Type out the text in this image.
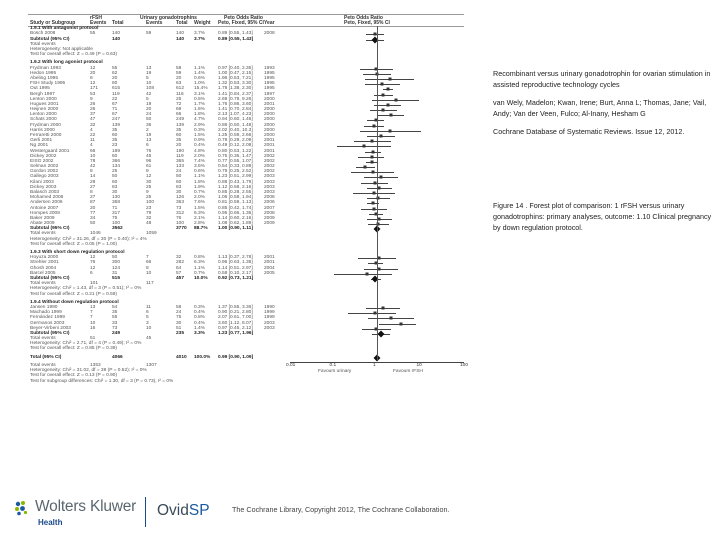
rFSH	Urinary gonadotrophins	Peto Odds Ratio	Peto Odds Ratio
Study or Subgroup	Events Total	Events	Total Weight Peto, Fixed, 95% CI Year	Peto, Fixed, 95% CI
1.9.1 With antagonist protocol
Bosch 2008	55	140	59	140 3.7%	0.89 [0.55, 1.43] 2008
Subtotal (95% CI)	140	140 3.7%	0.89 [0.55, 1.43]
Total events
Heterogeneity: Not applicable
Test for overall effect: Z = 0.49 (P = 0.63)
1.9.2 With long agonist protocol
Frydman 1993	12	55	13	58	1.1%	0.97 [0.40, 2.35] 1993
Hedon 1995	20	62	19	59	1.4%	1.00 [0.47, 2.15] 1995
Abeling 1995	8	20	5	20	0.6%	1.96 [0.53, 7.21] 1995
FSH Study 1995	12	60	10	63	1.0%	1.32 [0.53, 3.30] 1995
Out 1995	171	615	108	612 15.4% 1.78 [1.38, 2.30] 1995
Bergh 1997	53	119	42	116 3.1%	1.41 [0.84, 2.37] 1997
Lenton 2000	9	22	5	25	0.5%	2.69 [0.78, 9.26] 2000
Hugues 2001	26	67	19	72	1.7%	1.76 [0.86, 3.60] 2001
Heijnen 2000	26	71	20	69	1.6%	1.41 [0.70, 2.84] 2000
Lenton 2000	37	67	24	66	1.8%	2.13 [1.07, 4.23] 2000
Schats 2000	47	247	50	249 4.7%	0.94 [0.60, 1.46] 2000
Frydman 2000	32	139	36	139 2.9%	0.86 [0.50, 1.48] 2000
Harris 2000	4	35	2	35	0.3%	2.02 [0.40, 10.3] 2000
Ferraretti 2000	22	60	19	60	1.5%	1.25 [0.59, 2.66] 2000
Gerli 2001	11	35	13	35	0.9%	0.78 [0.29, 2.09] 2001
Ng 2001	4	23	6	20	0.4%	0.49 [0.12, 2.08] 2001
Westergaard 2001	66	189	76	190 4.8%	0.80 [0.53, 1.22] 2001
Dickey 2002	10	60	45	119 2.0%	0.75 [0.36, 1.47] 2002
EISG 2002	78	366	96	365 7.4%	0.77 [0.55, 1.07] 2002
Selman 2002	42	134	61	133 3.5%	0.54 [0.33, 0.89] 2002
Gordon 2002	8	25	9	24	0.6%	0.79 [0.25, 2.52] 2002
Gallego 2003	14	50	12	50	1.1%	1.23 [0.51, 2.99] 2003
Kilani 2003	28	60	30	60	1.8%	0.88 [0.43, 1.79] 2003
Dickey 2003	27	83	25	83	1.9%	1.12 [0.58, 2.16] 2003
Balasch 2003	8	30	9	30	0.7%	0.85 [0.28, 2.55] 2003
Mohamed 2006	27	130	25	126 2.0%	1.06 [0.58, 1.94] 2006
Andersen 2006	87	368	100	363 7.6%	0.81 [0.59, 1.13] 2006
Antoine 2007	20	71	23	73	1.5%	0.85 [0.42, 1.74] 2007
Hompes 2008	77	317	79	312 6.3%	0.95 [0.66, 1.36] 2008
Baker 2009	34	75	32	76	2.1%	1.14 [0.60, 2.16] 2009
Abate 2009	50	100	48	100 2.8%	1.08 [0.62, 1.89] 2009
Subtotal (95% CI)	3562	3770 88.7% 1.00 [0.90, 1.11]
Total events	1046	1059
Heterogeneity: Chi² = 31.26, df = 30 (P = 0.40); I² = 4%
Test for overall effect: Z = 0.05 (P = 1.00)
1.9.3 With short down regulation protocol
Hoyuza 2000	12	50	7	32	0.8%	1.13 [0.37, 2.78] 2001
Strehler 2001	76	300	66	282 6.3%	0.96 [0.63, 1.38] 2001
Ghosh 2004	12	124	8	64	1.1%	1.14 [0.51, 2.97] 2004
Barcel 2005	6	31	10	57	0.7%	0.58 [0.10, 2.17] 2005
Subtotal (95% CI)	515	457 10.0% 0.92 [0.73, 1.21]
Total events	101	117
Heterogeneity: Chi² = 1.43, df = 3 (P = 0.51); I² = 0%
Test for overall effect: Z = 0.21 (P = 0.59)
1.9.4 Without down regulation protocol
Jansen 1990	13	54	11	58	0.3%	1.37 [0.55, 3.36] 1990
Machado 1999	7	35	6	24	0.4%	0.90 [0.21, 2.80] 1999
Fernández 1999	7	55	5	75	0.8%	2.07 [0.61, 7.00] 1999
Germanos 2003	10	33	3	30	0.4%	3.60 [1.12, 8.07] 2003
Beyer-Virbeni 2003	16	73	10	51	1.4%	0.97 [0.45, 2.12] 2003
Subtotal (95% CI)	249	235 3.3%	1.23 [0.77, 1.96]
Total events	51	45
Heterogeneity: Chi² = 2.71, df = 4 (P = 0.49); I² = 0%
Test for overall effect: Z = 0.85 (P = 0.39)
Total (95% CI)	4066	4010 100.0% 0.99 [0.90, 1.09]
Total events	1353	1307
Heterogeneity: Chi² = 31.02, df = 38 (P = 0.52); I² = 0%
Test for overall effect: Z = 0.13 (P = 0.90)
Test for subgroup differences: Chi² = 1.30, df = 3 (P = 0.73), I² = 0%
0.01	0.1	1	10	100
Favours urinary	Favours rFSH

Recombinant versus urinary gonadotrophin for ovarian stimulation in assisted reproductive technology cycles

van Wely, Madelon; Kwan, Irene; Burt, Anna L; Thomas, Jane; Vail, Andy; Van der Veen, Fulco; Al-Inany, Hesham G

Cochrane Database of Systematic Reviews. Issue 12, 2012.

Figure 14 . Forest plot of comparison: 1 rFSH versus urinary gonadotrophins: primary analyses, outcome: 1.10 Clinical pregnancy by down regulation protocol.
Wolters Kluwer
Health
OvidSP	The Cochrane Library, Copyright 2012, The Cochrane Collaboration.
